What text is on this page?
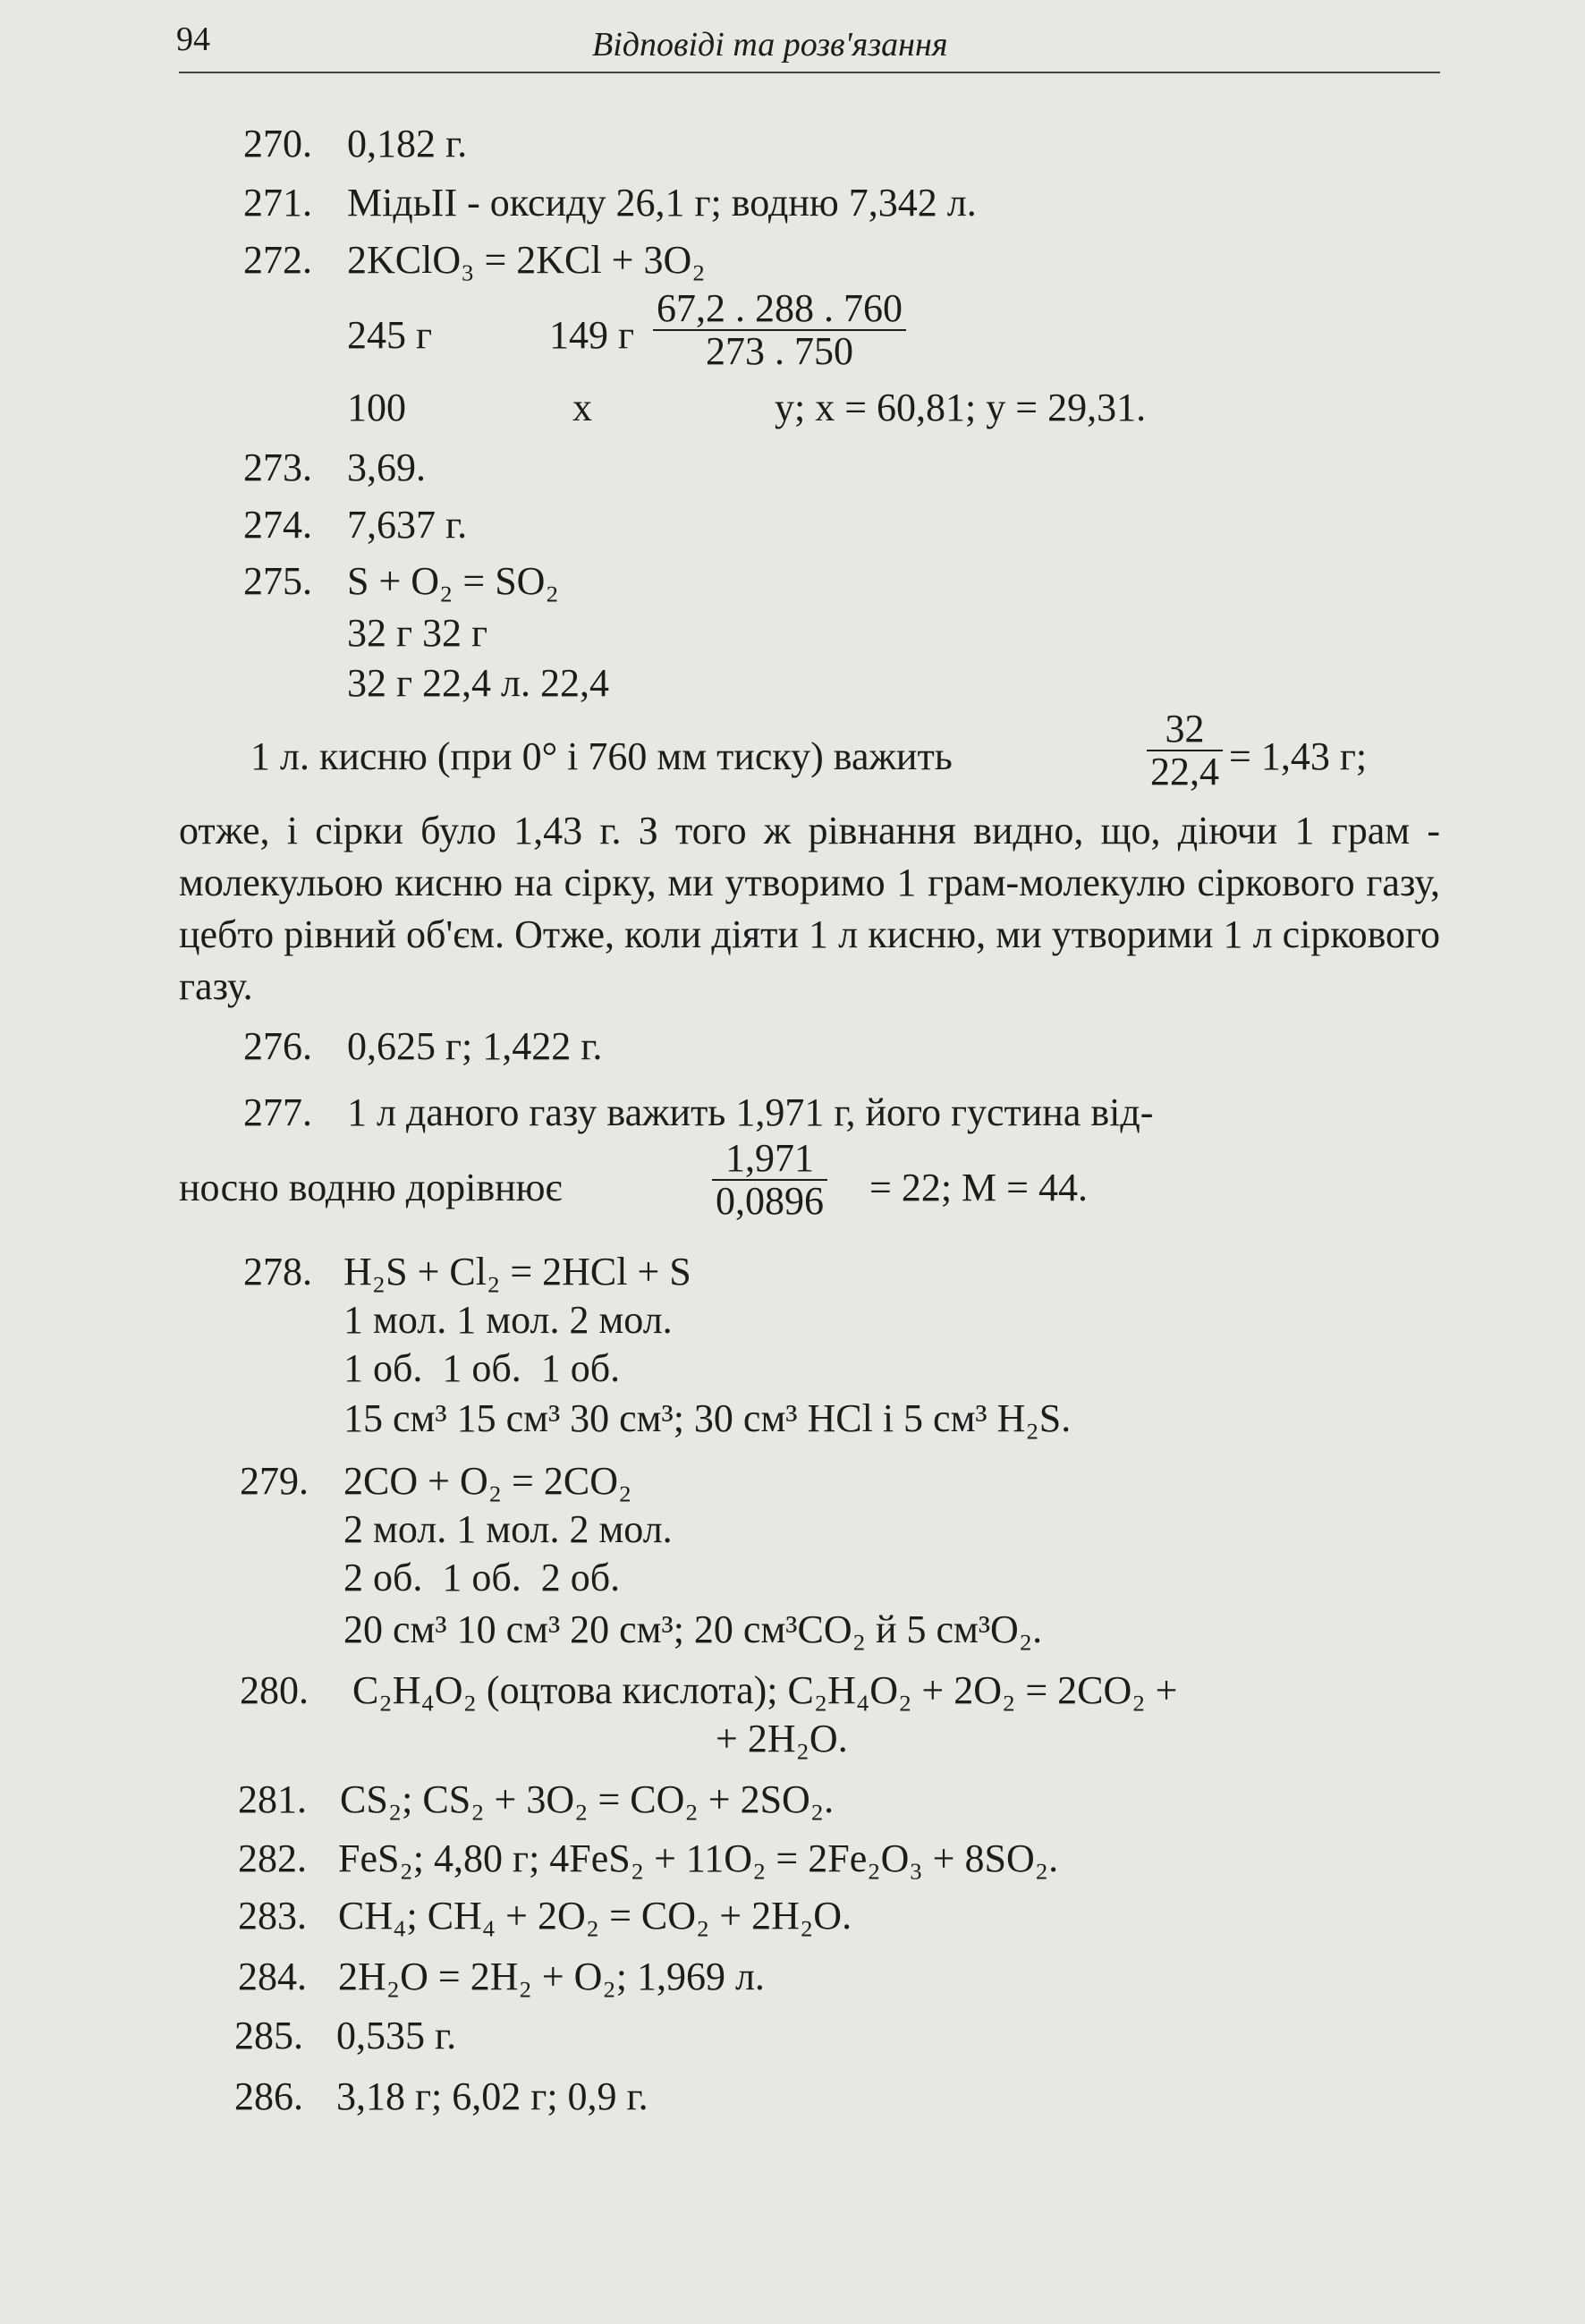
94	Відповіді та розв'язання
270. 0,182 г.
271. МідьII - оксиду 26,1 г; водню 7,342 л.
272. 2KClO₃ = 2KCl + 3O₂
245 г	149 г
67,2 . 288 . 760
273 . 750
100	x	y; x = 60,81; y = 29,31.
273. 3,69.
274. 7,637 г.
275. S + O₂ = SO₂
32 г 32 г
32 г 22,4 л. 22,4
1 л. кисню (при 0° і 760 мм тиску) важить
32
22,4 = 1,43 г;
отже, і сірки було 1,43 г. З того ж рівнання видно, що, діючи 1 грам - молекульою кисню на сірку, ми утворимо 1 грам-молекулю сіркового газу, цебто рівний об'єм. Отже, коли діяти 1 л кисню, ми утворими 1 л сіркового газу.
276. 0,625 г; 1,422 г.
277. 1 л даного газу важить 1,971 г, його густина від-
носно водню дорівнює
1,971
0,0896 = 22; M = 44.
278. H₂S + Cl₂ = 2HCl + S
1 мол. 1 мол. 2 мол.
1 об.  1 об.  1 об.
15 см³ 15 см³ 30 см³; 30 см³ HCl і 5 см³ H₂S.
279. 2CO + O₂ = 2CO₂
2 мол. 1 мол. 2 мол.
2 об.  1 об.  2 об.
20 см³ 10 см³ 20 см³; 20 см³CO₂ й 5 см³O₂.
280. C₂H₄O₂ (оцтова кислота); C₂H₄O₂ + 2O₂ = 2CO₂ +
+ 2H₂O.
281. CS₂; CS₂ + 3O₂ = CO₂ + 2SO₂.
282. FeS₂; 4,80 г; 4FeS₂ + 11O₂ = 2Fe₂O₃ + 8SO₂.
283. CH₄; CH₄ + 2O₂ = CO₂ + 2H₂O.
284. 2H₂O = 2H₂ + O₂; 1,969 л.
285. 0,535 г.
286. 3,18 г; 6,02 г; 0,9 г.
